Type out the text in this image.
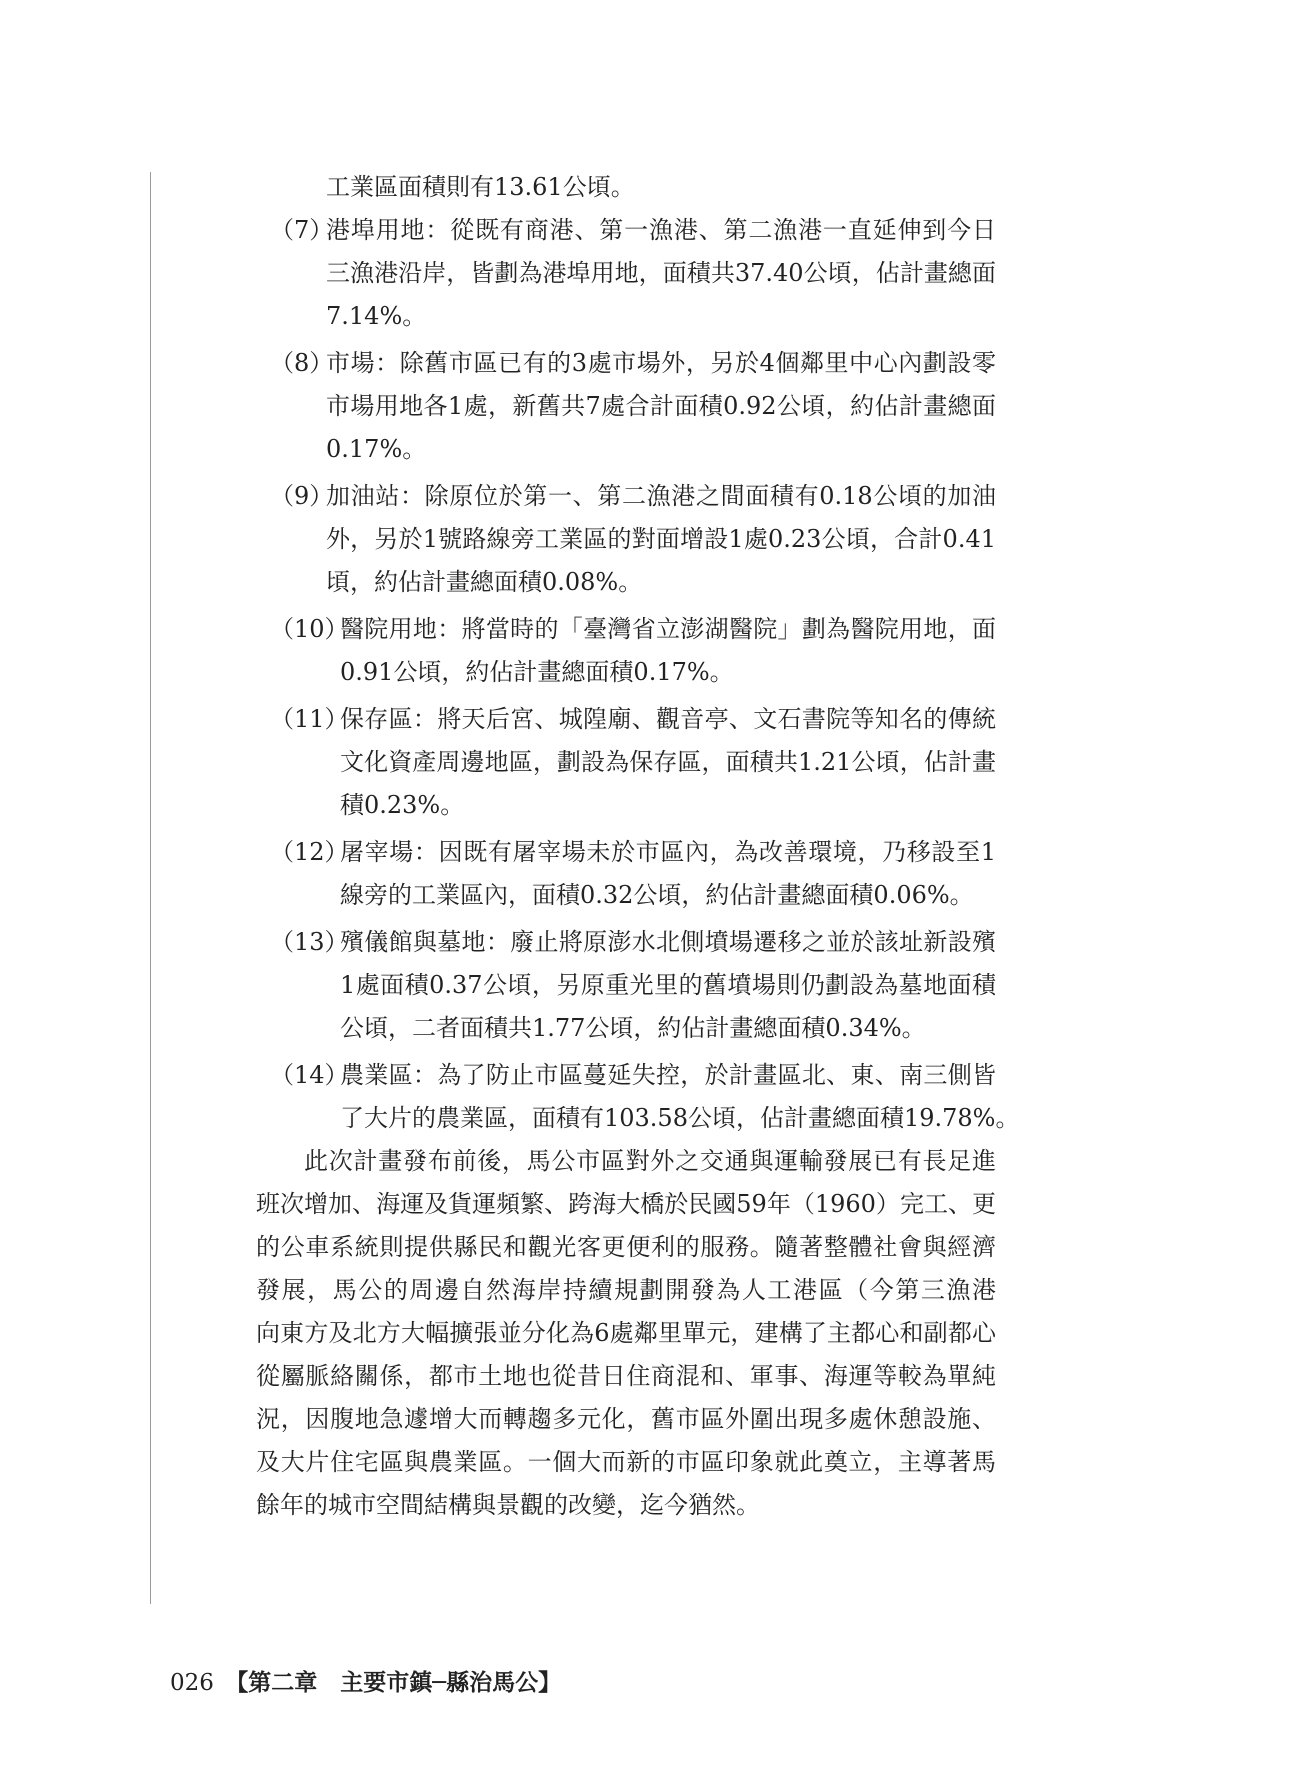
工業區面積則有13.61公頃。
（7）
港埠用地：從既有商港、第一漁港、第二漁港一直延伸到今日
三漁港沿岸，皆劃為港埠用地，面積共37.40公頃，佔計畫總面
7.14%。
（8）
市場：除舊市區已有的3處市場外，另於4個鄰里中心內劃設零
市場用地各1處，新舊共7處合計面積0.92公頃，約佔計畫總面
0.17%。
（9）
加油站：除原位於第一、第二漁港之間面積有0.18公頃的加油
外，另於1號路線旁工業區的對面增設1處0.23公頃，合計0.41
頃，約佔計畫總面積0.08%。
（10）
醫院用地：將當時的「臺灣省立澎湖醫院」劃為醫院用地，面
0.91公頃，約佔計畫總面積0.17%。
（11）
保存區：將天后宮、城隍廟、觀音亭、文石書院等知名的傳統
文化資產周邊地區，劃設為保存區，面積共1.21公頃，佔計畫
積0.23%。
（12）
屠宰場：因既有屠宰場未於市區內，為改善環境，乃移設至1
線旁的工業區內，面積0.32公頃，約佔計畫總面積0.06%。
（13）
殯儀館與墓地：廢止將原澎水北側墳場遷移之並於該址新設殯
1處面積0.37公頃，另原重光里的舊墳場則仍劃設為墓地面積
公頃，二者面積共1.77公頃，約佔計畫總面積0.34%。
（14）
農業區：為了防止市區蔓延失控，於計畫區北、東、南三側皆
了大片的農業區，面積有103.58公頃，佔計畫總面積19.78%。
此次計畫發布前後，馬公市區對外之交通與運輸發展已有長足進
班次增加、海運及貨運頻繁、跨海大橋於民國59年（1960）完工、更
的公車系統則提供縣民和觀光客更便利的服務。隨著整體社會與經濟
發展，馬公的周邊自然海岸持續規劃開發為人工港區（今第三漁港
向東方及北方大幅擴張並分化為6處鄰里單元，建構了主都心和副都心
從屬脈絡關係，都市土地也從昔日住商混和、軍事、海運等較為單純
況，因腹地急遽增大而轉趨多元化，舊市區外圍出現多處休憩設施、
及大片住宅區與農業區。一個大而新的市區印象就此奠立，主導著馬
餘年的城市空間結構與景觀的改變，迄今猶然。
026 【第二章　主要市鎮─縣治馬公】
